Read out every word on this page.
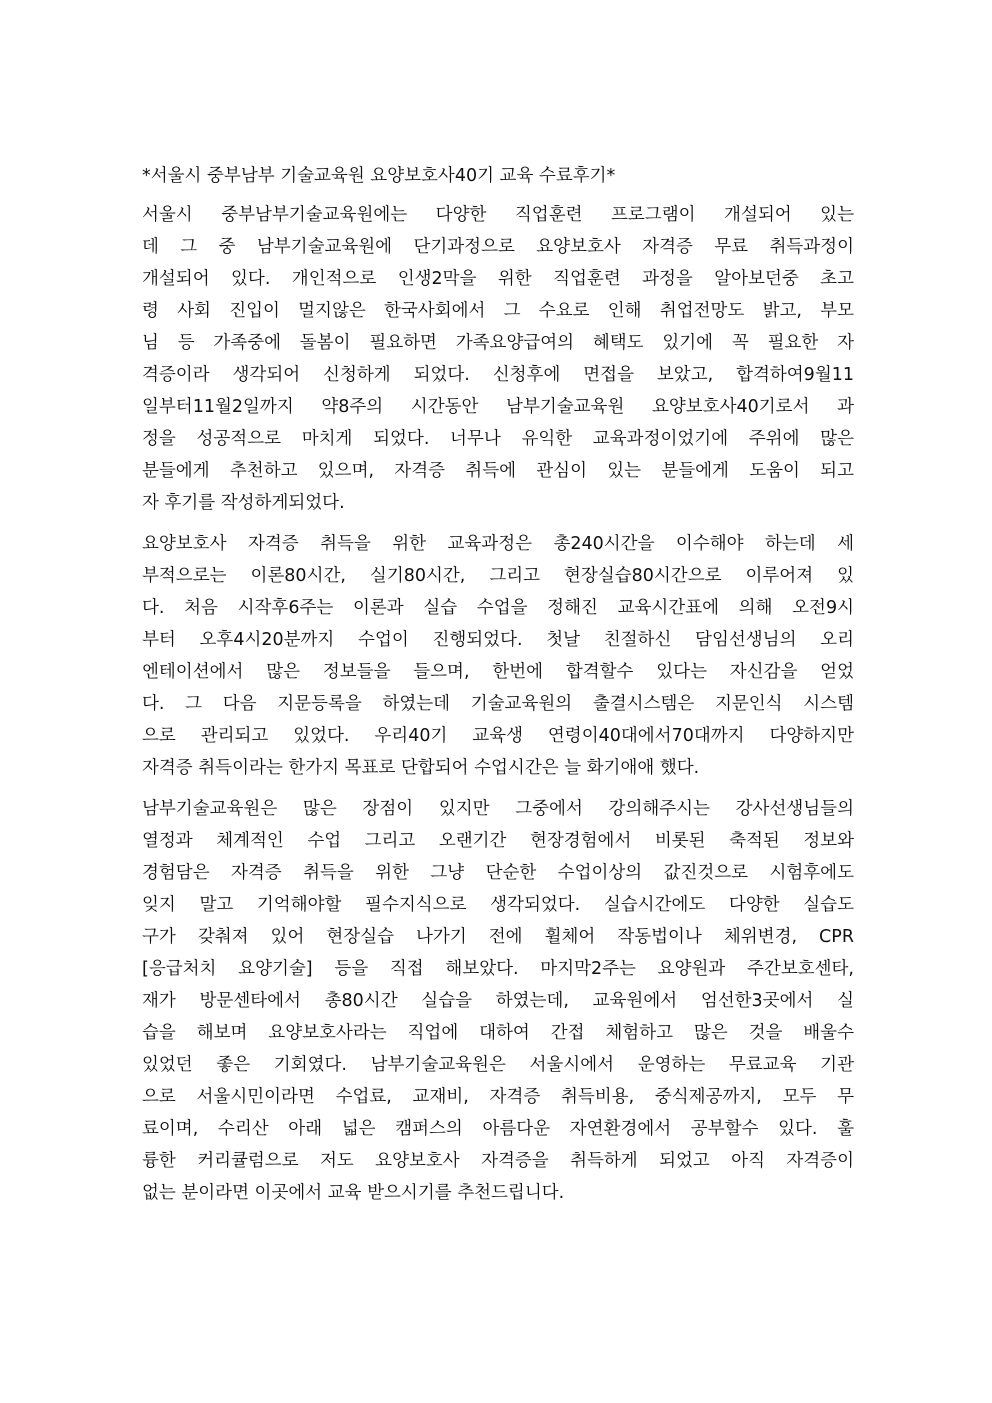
*서울시 중부남부 기술교육원 요양보호사40기 교육 수료후기*
서울시 중부남부기술교육원에는 다양한 직업훈련 프로그램이 개설되어 있는
데 그 중 남부기술교육원에 단기과정으로 요양보호사 자격증 무료 취득과정이
개설되어 있다. 개인적으로 인생2막을 위한 직업훈련 과정을 알아보던중 초고
령 사회 진입이 멀지않은 한국사회에서 그 수요로 인해 취업전망도 밝고, 부모
님 등 가족중에 돌봄이 필요하면 가족요양급여의 혜택도 있기에 꼭 필요한 자
격증이라 생각되어 신청하게 되었다. 신청후에 면접을 보았고, 합격하여9월11
일부터11월2일까지 약8주의 시간동안 남부기술교육원 요양보호사40기로서 과
정을 성공적으로 마치게 되었다. 너무나 유익한 교육과정이었기에 주위에 많은
분들에게 추천하고 있으며, 자격증 취득에 관심이 있는 분들에게 도움이 되고
자 후기를 작성하게되었다.
요양보호사 자격증 취득을 위한 교육과정은 총240시간을 이수해야 하는데 세
부적으로는 이론80시간, 실기80시간, 그리고 현장실습80시간으로 이루어져 있
다. 처음 시작후6주는 이론과 실습 수업을 정해진 교육시간표에 의해 오전9시
부터 오후4시20분까지 수업이 진행되었다. 첫날 친절하신 담임선생님의 오리
엔테이션에서 많은 정보들을 들으며, 한번에 합격할수 있다는 자신감을 얻었
다. 그 다음 지문등록을 하였는데 기술교육원의 출결시스템은 지문인식 시스템
으로 관리되고 있었다. 우리40기 교육생 연령이40대에서70대까지 다양하지만
자격증 취득이라는 한가지 목표로 단합되어 수업시간은 늘 화기애애 했다.
남부기술교육원은 많은 장점이 있지만 그중에서 강의해주시는 강사선생님들의
열정과 체계적인 수업 그리고 오랜기간 현장경험에서 비롯된 축적된 정보와
경험담은 자격증 취득을 위한 그냥 단순한 수업이상의 값진것으로 시험후에도
잊지 말고 기억해야할 필수지식으로 생각되었다. 실습시간에도 다양한 실습도
구가 갖춰져 있어 현장실습 나가기 전에 휠체어 작동법이나 체위변경, CPR
[응급처치 요양기술] 등을 직접 해보았다. 마지막2주는 요양원과 주간보호센타,
재가 방문센타에서 총80시간 실습을 하였는데, 교육원에서 엄선한3곳에서 실
습을 해보며 요양보호사라는 직업에 대하여 간접 체험하고 많은 것을 배울수
있었던 좋은 기회였다. 남부기술교육원은 서울시에서 운영하는 무료교육 기관
으로 서울시민이라면 수업료, 교재비, 자격증 취득비용, 중식제공까지, 모두 무
료이며, 수리산 아래 넓은 캠퍼스의 아름다운 자연환경에서 공부할수 있다. 훌
륭한 커리큘럼으로 저도 요양보호사 자격증을 취득하게 되었고 아직 자격증이
없는 분이라면 이곳에서 교육 받으시기를 추천드립니다.
